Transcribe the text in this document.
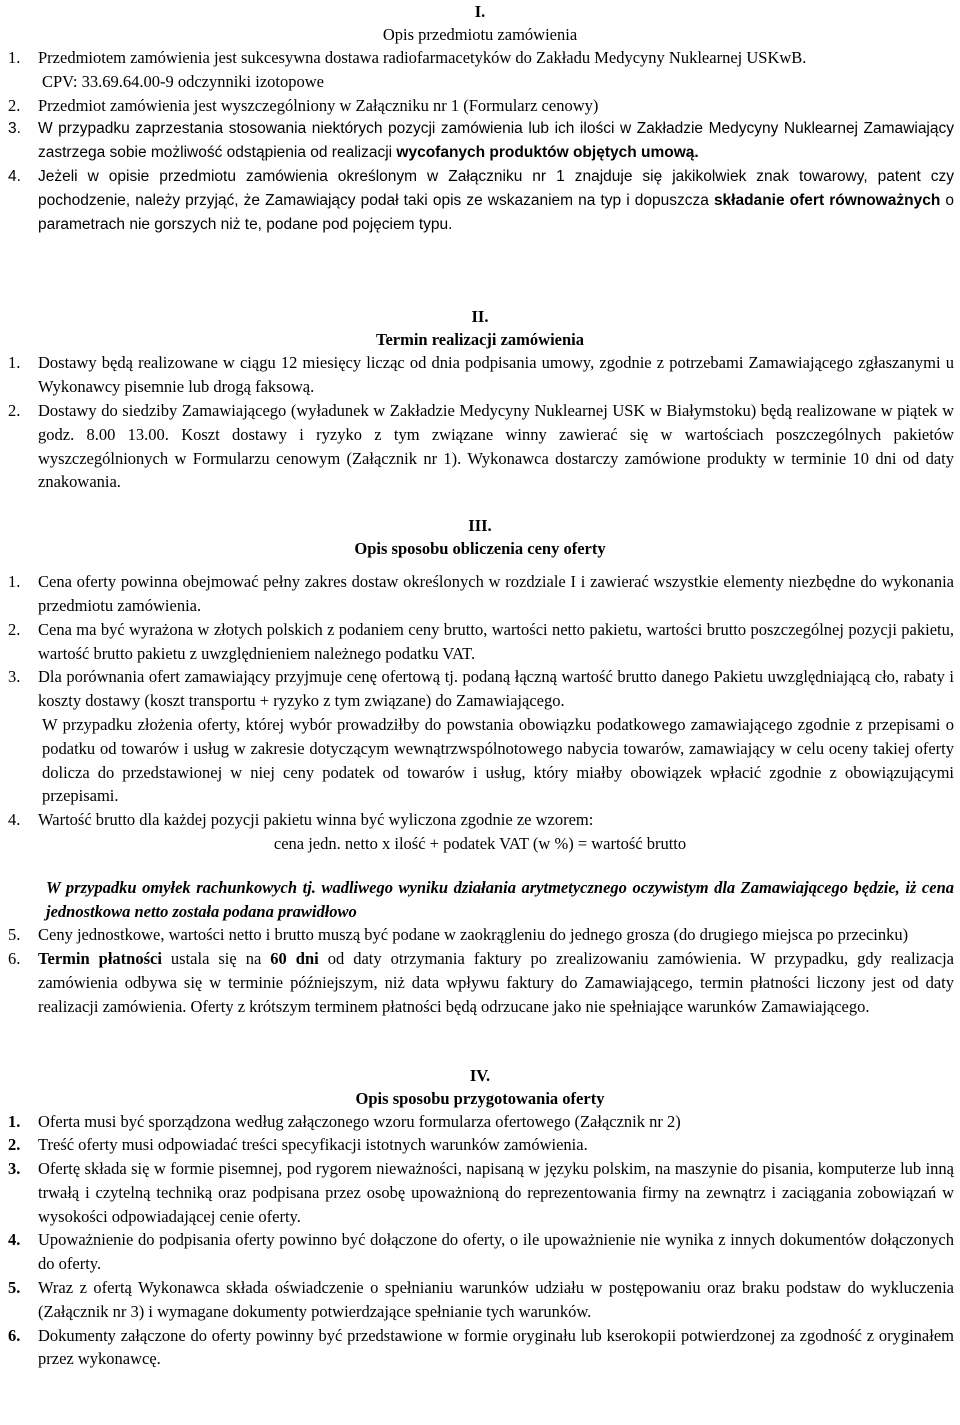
I.

Opis przedmiotu zamówienia

1. Przedmiotem zamówienia jest sukcesywna dostawa radiofarmacetyków do Zakładu Medycyny Nuklearnej USKwB.
CPV: 33.69.64.00-9 odczynniki izotopowe
2. Przedmiot zamówienia jest wyszczególniony w Załączniku nr 1 (Formularz cenowy)
3. W przypadku zaprzestania stosowania niektórych pozycji zamówienia lub ich ilości w Zakładzie Medycyny Nuklearnej Zamawiający zastrzega sobie możliwość odstąpienia od realizacji wycofanych produktów objętych umową.
4. Jeżeli w opisie przedmiotu zamówienia określonym w Załączniku nr 1 znajduje się jakikolwiek znak towarowy, patent czy pochodzenie, należy przyjąć, że Zamawiający podał taki opis ze wskazaniem na typ i dopuszcza składanie ofert równoważnych o parametrach nie gorszych niż te, podane pod pojęciem typu.

II.

Termin realizacji zamówienia

1. Dostawy będą realizowane w ciągu 12 miesięcy licząc od dnia podpisania umowy, zgodnie z potrzebami Zamawiającego zgłaszanymi u Wykonawcy pisemnie lub drogą faksową.
2. Dostawy do siedziby Zamawiającego (wyładunek w Zakładzie Medycyny Nuklearnej USK w Białymstoku) będą realizowane w piątek w godz. 8.00 13.00. Koszt dostawy i ryzyko z tym związane winny zawierać się w wartościach poszczególnych pakietów wyszczególnionych w Formularzu cenowym (Załącznik nr 1). Wykonawca dostarczy zamówione produkty w terminie 10 dni od daty znakowania.

III.

Opis sposobu obliczenia ceny oferty

1. Cena oferty powinna obejmować pełny zakres dostaw określonych w rozdziale I i zawierać wszystkie elementy niezbędne do wykonania przedmiotu zamówienia.
2. Cena ma być wyrażona w złotych polskich z podaniem ceny brutto, wartości netto pakietu, wartości brutto poszczególnej pozycji pakietu, wartość brutto pakietu z uwzględnieniem należnego podatku VAT.
3. Dla porównania ofert zamawiający przyjmuje cenę ofertową tj. podaną łączną wartość brutto danego Pakietu uwzględniającą cło, rabaty i koszty dostawy (koszt transportu + ryzyko z tym związane) do Zamawiającego.
W przypadku złożenia oferty, której wybór prowadziłby do powstania obowiązku podatkowego zamawiającego zgodnie z przepisami o podatku od towarów i usług w zakresie dotyczącym wewnątrzwspólnotowego nabycia towarów, zamawiający w celu oceny takiej oferty dolicza do przedstawionej w niej ceny podatek od towarów i usług, który miałby obowiązek wpłacić zgodnie z obowiązującymi przepisami.
4. Wartość brutto dla każdej pozycji pakietu winna być wyliczona zgodnie ze wzorem:
cena jedn. netto x ilość + podatek VAT (w %) = wartość brutto
W przypadku omyłek rachunkowych tj. wadliwego wyniku działania arytmetycznego oczywistym dla Zamawiającego będzie, iż cena jednostkowa netto została podana prawidłowo
5. Ceny jednostkowe, wartości netto i brutto muszą być podane w zaokrągleniu do jednego grosza (do drugiego miejsca po przecinku)
6. Termin płatności ustala się na 60 dni od daty otrzymania faktury po zrealizowaniu zamówienia. W przypadku, gdy realizacja zamówienia odbywa się w terminie późniejszym, niż data wpływu faktury do Zamawiającego, termin płatności liczony jest od daty realizacji zamówienia. Oferty z krótszym terminem płatności będą odrzucane jako nie spełniające warunków Zamawiającego.

IV.

Opis sposobu przygotowania oferty

1. Oferta musi być sporządzona według załączonego wzoru formularza ofertowego (Załącznik nr 2)
2. Treść oferty musi odpowiadać treści specyfikacji istotnych warunków zamówienia.
3. Ofertę składa się w formie pisemnej, pod rygorem nieważności, napisaną w języku polskim, na maszynie do pisania, komputerze lub inną trwałą i czytelną techniką oraz podpisana przez osobę upoważnioną do reprezentowania firmy na zewnątrz i zaciągania zobowiązań w wysokości odpowiadającej cenie oferty.
4. Upoważnienie do podpisania oferty powinno być dołączone do oferty, o ile upoważnienie nie wynika z innych dokumentów dołączonych do oferty.
5. Wraz z ofertą Wykonawca składa oświadczenie o spełnianiu warunków udziału w postępowaniu oraz braku podstaw do wykluczenia (Załącznik nr 3) i wymagane dokumenty potwierdzające spełnianie tych warunków.
6. Dokumenty załączone do oferty powinny być przedstawione w formie oryginału lub kserokopii potwierdzonej za zgodność z oryginałem przez wykonawcę.
